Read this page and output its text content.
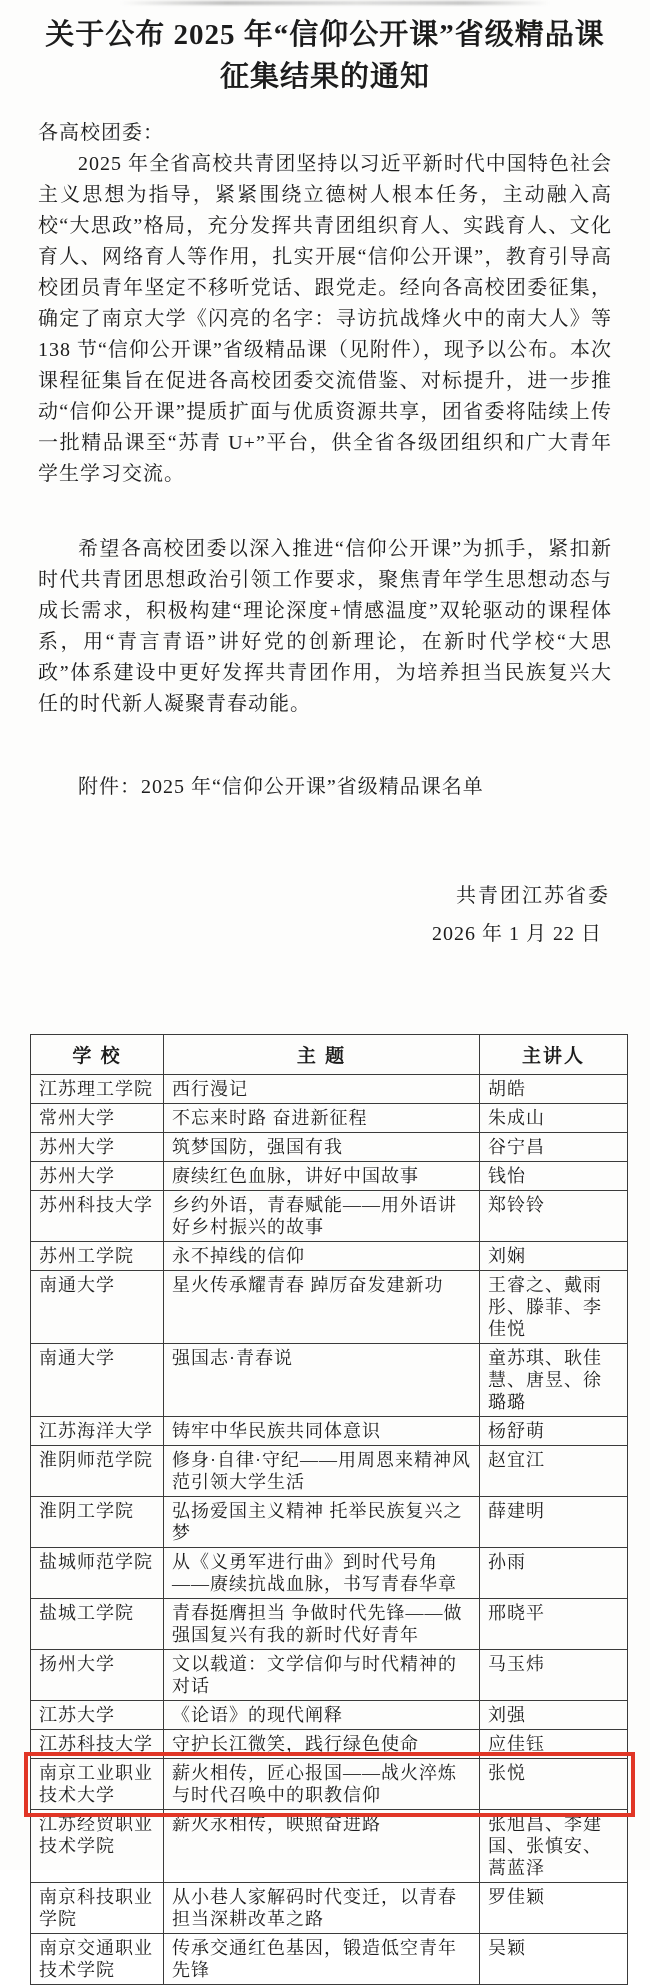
关于公布 2025 年“信仰公开课”省级精品课
征集结果的通知

各高校团委：

2025 年全省高校共青团坚持以习近平新时代中国特色社会主义思想为指导，紧紧围绕立德树人根本任务，主动融入高校“大思政”格局，充分发挥共青团组织育人、实践育人、文化育人、网络育人等作用，扎实开展“信仰公开课”，教育引导高校团员青年坚定不移听党话、跟党走。经向各高校团委征集，确定了南京大学《闪亮的名字：寻访抗战烽火中的南大人》等 138 节“信仰公开课”省级精品课（见附件），现予以公布。本次课程征集旨在促进各高校团委交流借鉴、对标提升，进一步推动“信仰公开课”提质扩面与优质资源共享，团省委将陆续上传一批精品课至“苏青 U+”平台，供全省各级团组织和广大青年学生学习交流。

希望各高校团委以深入推进“信仰公开课”为抓手，紧扣新时代共青团思想政治引领工作要求，聚焦青年学生思想动态与成长需求，积极构建“理论深度+情感温度”双轮驱动的课程体系，用“青言青语”讲好党的创新理论，在新时代学校“大思政”体系建设中更好发挥共青团作用，为培养担当民族复兴大任的时代新人凝聚青春动能。

附件：2025 年“信仰公开课”省级精品课名单

共青团江苏省委
2026 年 1 月 22 日
学 校	主 题	主讲人
江苏理工学院	西行漫记	胡皓
常州大学	不忘来时路 奋进新征程	朱成山
苏州大学	筑梦国防，强国有我	谷宁昌
苏州大学	赓续红色血脉，讲好中国故事	钱怡
苏州科技大学	乡约外语，青春赋能——用外语讲好乡村振兴的故事	郑铃铃
苏州工学院	永不掉线的信仰	刘娴
南通大学	星火传承耀青春 踔厉奋发建新功	王睿之、戴雨彤、滕菲、李佳悦
南通大学	强国志·青春说	童苏琪、耿佳慧、唐昱、徐璐璐
江苏海洋大学	铸牢中华民族共同体意识	杨舒萌
淮阴师范学院	修身·自律·守纪——用周恩来精神风范引领大学生活	赵宜江
淮阴工学院	弘扬爱国主义精神 托举民族复兴之梦	薛建明
盐城师范学院	从《义勇军进行曲》到时代号角——赓续抗战血脉，书写青春华章	孙雨
盐城工学院	青春挺膺担当 争做时代先锋——做强国复兴有我的新时代好青年	邢晓平
扬州大学	文以载道：文学信仰与时代精神的对话	马玉炜
江苏大学	《论语》的现代阐释	刘强
江苏科技大学	守护长江微笑，践行绿色使命	应佳钰
南京工业职业技术大学	薪火相传，匠心报国——战火淬炼与时代召唤中的职教信仰	张悦
江苏经贸职业技术学院	薪火永相传，映照奋进路	张旭昌、李建国、张慎安、蒿蓝泽
南京科技职业学院	从小巷人家解码时代变迁，以青春担当深耕改革之路	罗佳颖
南京交通职业技术学院	传承交通红色基因，锻造低空青年先锋	吴颖
